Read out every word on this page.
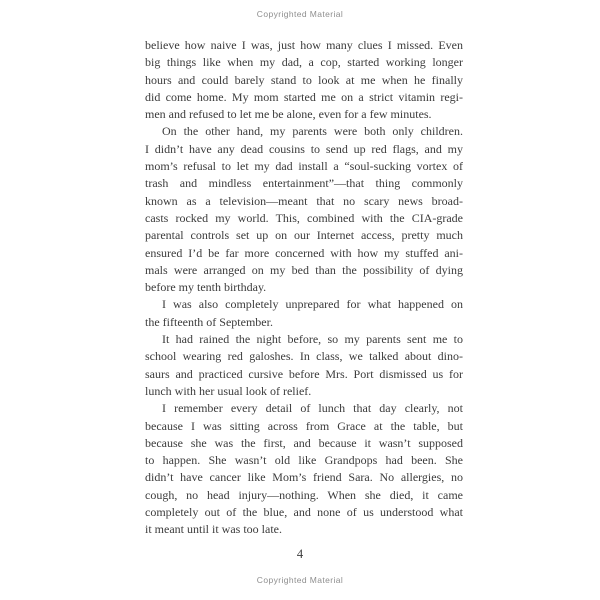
Copyrighted Material
believe how naive I was, just how many clues I missed. Even
big things like when my dad, a cop, started working longer
hours and could barely stand to look at me when he finally
did come home. My mom started me on a strict vitamin regi-
men and refused to let me be alone, even for a few minutes.
On the other hand, my parents were both only children.
I didn’t have any dead cousins to send up red flags, and my
mom’s refusal to let my dad install a “soul-sucking vortex of
trash and mindless entertainment”—that thing commonly
known as a television—meant that no scary news broad-
casts rocked my world. This, combined with the CIA-grade
parental controls set up on our Internet access, pretty much
ensured I’d be far more concerned with how my stuffed ani-
mals were arranged on my bed than the possibility of dying
before my tenth birthday.
I was also completely unprepared for what happened on
the fifteenth of September.
It had rained the night before, so my parents sent me to
school wearing red galoshes. In class, we talked about dino-
saurs and practiced cursive before Mrs. Port dismissed us for
lunch with her usual look of relief.
I remember every detail of lunch that day clearly, not
because I was sitting across from Grace at the table, but
because she was the first, and because it wasn’t supposed
to happen. She wasn’t old like Grandpops had been. She
didn’t have cancer like Mom’s friend Sara. No allergies, no
cough, no head injury—nothing. When she died, it came
completely out of the blue, and none of us understood what
it meant until it was too late.
4
Copyrighted Material
